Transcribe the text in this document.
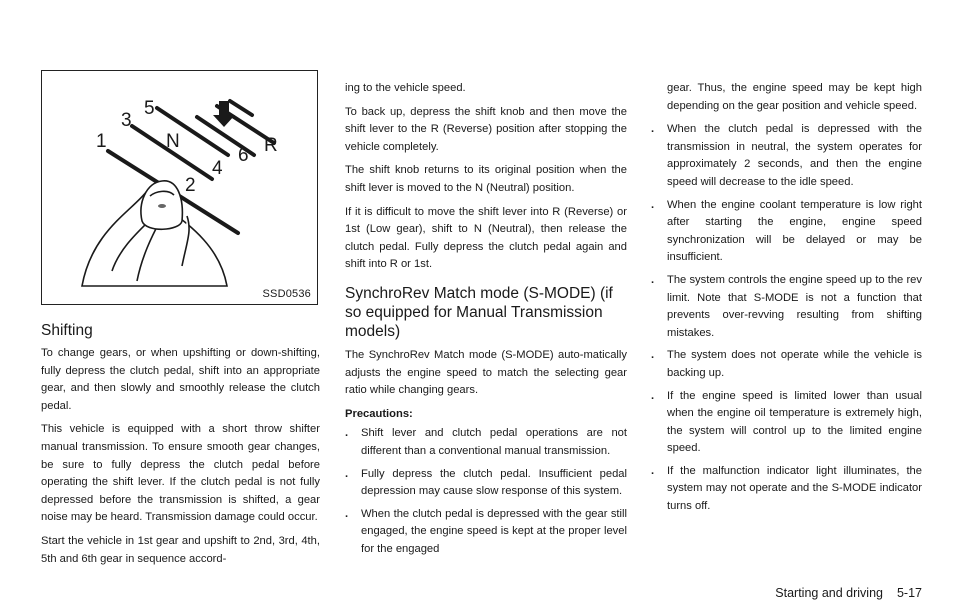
1
2
3
4
5
6
N	R
SSD0536
Shifting

To change gears, or when upshifting or down-shifting, fully depress the clutch pedal, shift into an appropriate gear, and then slowly and smoothly release the clutch pedal.

This vehicle is equipped with a short throw shifter manual transmission. To ensure smooth gear changes, be sure to fully depress the clutch pedal before operating the shift lever. If the clutch pedal is not fully depressed before the transmission is shifted, a gear noise may be heard. Transmission damage could occur.

Start the vehicle in 1st gear and upshift to 2nd, 3rd, 4th, 5th and 6th gear in sequence accord-

ing to the vehicle speed.

To back up, depress the shift knob and then move the shift lever to the R (Reverse) position after stopping the vehicle completely.

The shift knob returns to its original position when the shift lever is moved to the N (Neutral) position.

If it is difficult to move the shift lever into R (Reverse) or 1st (Low gear), shift to N (Neutral), then release the clutch pedal. Fully depress the clutch pedal again and shift into R or 1st.

SynchroRev Match mode (S-MODE) (if so equipped for Manual Transmission models)

The SynchroRev Match mode (S-MODE) auto-matically adjusts the engine speed to match the selecting gear ratio while changing gears.

Precautions:
. Shift lever and clutch pedal operations are not different than a conventional manual transmission.
. Fully depress the clutch pedal. Insufficient pedal depression may cause slow response of this system.
. When the clutch pedal is depressed with the gear still engaged, the engine speed is kept at the proper level for the engaged

gear. Thus, the engine speed may be kept high depending on the gear position and vehicle speed.

. When the clutch pedal is depressed with the transmission in neutral, the system operates for approximately 2 seconds, and then the engine speed will decrease to the idle speed.
. When the engine coolant temperature is low right after starting the engine, engine speed synchronization will be delayed or may be insufficient.
. The system controls the engine speed up to the rev limit. Note that S-MODE is not a function that prevents over-revving resulting from shifting mistakes.
. The system does not operate while the vehicle is backing up.
. If the engine speed is limited lower than usual when the engine oil temperature is extremely high, the system will control up to the limited engine speed.
. If the malfunction indicator light illuminates, the system may not operate and the S-MODE indicator turns off.
Starting and driving 5-17
